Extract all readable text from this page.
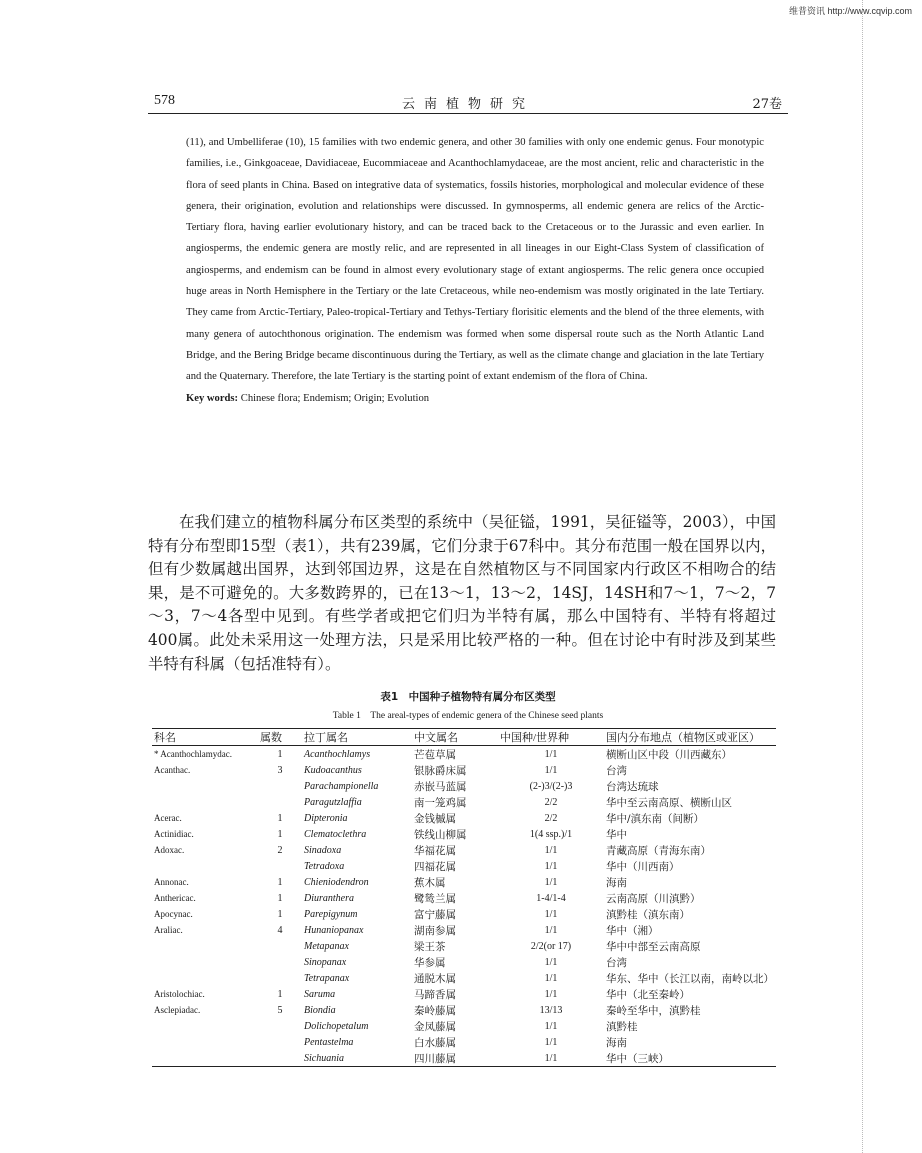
维普资讯 http://www.cqvip.com
578	云南植物研究	27卷

(11), and Umbelliferae (10), 15 families with two endemic genera, and other 30 families with only one endemic genus. Four monotypic families, i.e., Ginkgoaceae, Davidiaceae, Eucommiaceae and Acanthochlamydaceae, are the most ancient, relic and characteristic in the flora of seed plants in China. Based on integrative data of systematics, fossils histories, morphological and molecular evidence of these genera, their origination, evolution and relationships were discussed. In gymnosperms, all endemic genera are relics of the Arctic-Tertiary flora, having earlier evolutionary history, and can be traced back to the Cretaceous or to the Jurassic and even earlier. In angiosperms, the endemic genera are mostly relic, and are represented in all lineages in our Eight-Class System of classification of angiosperms, and endemism can be found in almost every evolutionary stage of extant angiosperms. The relic genera once occupied huge areas in North Hemisphere in the Tertiary or the late Cretaceous, while neo-endemism was mostly originated in the late Tertiary. They came from Arctic-Tertiary, Paleo-tropical-Tertiary and Tethys-Tertiary florisitic elements and the blend of the three elements, with many genera of autochthonous origination. The endemism was formed when some dispersal route such as the North Atlantic Land Bridge, and the Bering Bridge became discontinuous during the Tertiary, as well as the climate change and glaciation in the late Tertiary and the Quaternary. Therefore, the late Tertiary is the starting point of extant endemism of the flora of China.

Key words: Chinese flora; Endemism; Origin; Evolution

在我们建立的植物科属分布区类型的系统中（吴征镒，1991，吴征镒等，2003），中国特有分布型即15型（表1），共有239属，它们分隶于67科中。其分布范围一般在国界以内，但有少数属越出国界，达到邻国边界，这是在自然植物区与不同国家内行政区不相吻合的结果，是不可避免的。大多数跨界的，已在13～1，13～2，14SJ，14SH和7～1，7～2，7～3，7～4各型中见到。有些学者或把它们归为半特有属，那么中国特有、半特有将超过400属。此处未采用这一处理方法，只是采用比较严格的一种。但在讨论中有时涉及到某些半特有科属（包括准特有）。

表1　中国种子植物特有属分布区类型
Table 1　The areal-types of endemic genera of the Chinese seed plants
科名	属数	拉丁属名	中文属名	中国种/世界种	国内分布地点（植物区或亚区）
* Acanthochlamydac.	1	Acanthochlamys	芒苞草属	1/1	横断山区中段（川西藏东）
Acanthac.	3	Kudoacanthus	银脉爵床属	1/1	台湾
		Parachampionella	赤嵌马蓝属	(2-)3/(2-)3	台湾达琉球
		Paragutzlaffia	南一笼鸡属	2/2	华中至云南高原、横断山区
Acerac.	1	Dipteronia	金钱槭属	2/2	华中/滇东南（间断）
Actinidiac.	1	Clematoclethra	铁线山柳属	1(4 ssp.)/1	华中
Adoxac.	2	Sinadoxa	华福花属	1/1	青藏高原（青海东南）
		Tetradoxa	四福花属	1/1	华中（川西南）
Annonac.	1	Chieniodendron	蕉木属	1/1	海南
Anthericac.	1	Diuranthera	鹭鸶兰属	1-4/1-4	云南高原（川滇黔）
Apocynac.	1	Parepigynum	富宁藤属	1/1	滇黔桂（滇东南）
Araliac.	4	Hunaniopanax	湖南参属	1/1	华中（湘）
		Metapanax	梁王茶	2/2(or 17)	华中中部至云南高原
		Sinopanax	华参属	1/1	台湾
		Tetrapanax	通脱木属	1/1	华东、华中（长江以南，南岭以北）
Aristolochiac.	1	Saruma	马蹄香属	1/1	华中（北至秦岭）
Asclepiadac.	5	Biondia	秦岭藤属	13/13	秦岭至华中，滇黔桂
		Dolichopetalum	金凤藤属	1/1	滇黔桂
		Pentastelma	白水藤属	1/1	海南
		Sichuania	四川藤属	1/1	华中（三峡）
